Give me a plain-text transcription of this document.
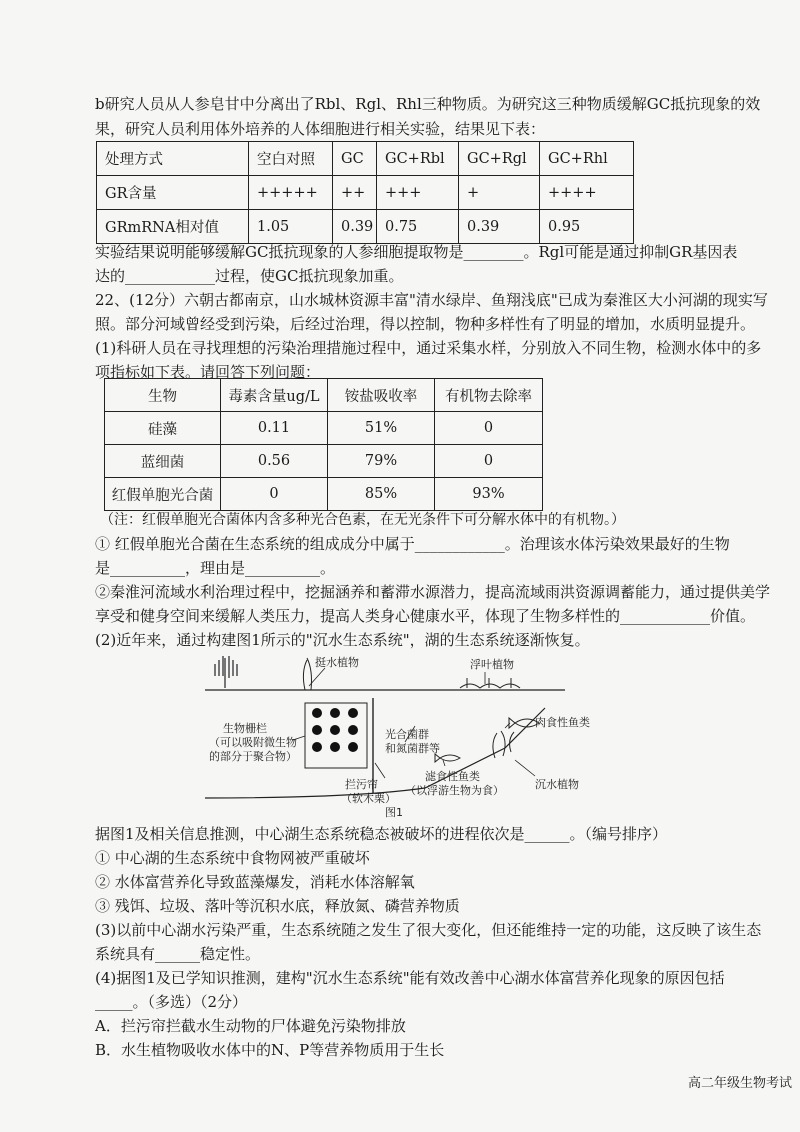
b研究人员从人参皂甘中分离出了Rbl、Rgl、Rhl三种物质。为研究这三种物质缓解GC抵抗现象的效
果，研究人员利用体外培养的人体细胞进行相关实验，结果见下表：
处理方式	空白对照	GC	GC+Rbl	GC+Rgl	GC+Rhl
GR含量	+++++	++	+++	+	++++
GRmRNA相对值	1.05	0.39	0.75	0.39	0.95
实验结果说明能够缓解GC抵抗现象的人参细胞提取物是________。Rgl可能是通过抑制GR基因表
达的____________过程，使GC抵抗现象加重。
22、(12分）六朝古都南京，山水城林资源丰富"清水绿岸、鱼翔浅底"已成为秦淮区大小河湖的现实写
照。部分河域曾经受到污染，后经过治理，得以控制，物种多样性有了明显的增加，水质明显提升。
(1)科研人员在寻找理想的污染治理措施过程中，通过采集水样，分别放入不同生物，检测水体中的多
项指标如下表。请回答下列问题：
生物	毒素含量ug/L	铵盐吸收率	有机物去除率
硅藻	0.11	51%	0
蓝细菌	0.56	79%	0
红假单胞光合菌	0	85%	93%
（注：红假单胞光合菌体内含多种光合色素，在无光条件下可分解水体中的有机物。）
① 红假单胞光合菌在生态系统的组成成分中属于____________。治理该水体污染效果最好的生物
是__________，理由是__________。
②秦淮河流域水利治理过程中，挖掘涵养和蓄滞水源潜力，提高流域雨洪资源调蓄能力，通过提供美学
享受和健身空间来缓解人类压力，提高人类身心健康水平，体现了生物多样性的____________价值。
(2)近年来，通过构建图1所示的"沉水生态系统"，湖的生态系统逐渐恢复。
挺水植物	浮叶植物
生物栅栏
（可以吸附微生物
的部分于聚合物）
光合菌群
和氮菌群等
肉食性鱼类
拦污帘
（软木栗）
滤食性鱼类
（以浮游生物为食）	沉水植物
图1
据图1及相关信息推测，中心湖生态系统稳态被破坏的进程依次是______。（编号排序）
① 中心湖的生态系统中食物网被严重破坏
② 水体富营养化导致蓝藻爆发，消耗水体溶解氧
③ 残饵、垃圾、落叶等沉积水底，释放氮、磷营养物质
(3)以前中心湖水污染严重，生态系统随之发生了很大变化，但还能维持一定的功能，这反映了该生态
系统具有______稳定性。
(4)据图1及已学知识推测，建构"沉水生态系统"能有效改善中心湖水体富营养化现象的原因包括
_____。（多选）（2分）
A．拦污帘拦截水生动物的尸体避免污染物排放
B．水生植物吸收水体中的N、P等营养物质用于生长
高二年级生物考试
